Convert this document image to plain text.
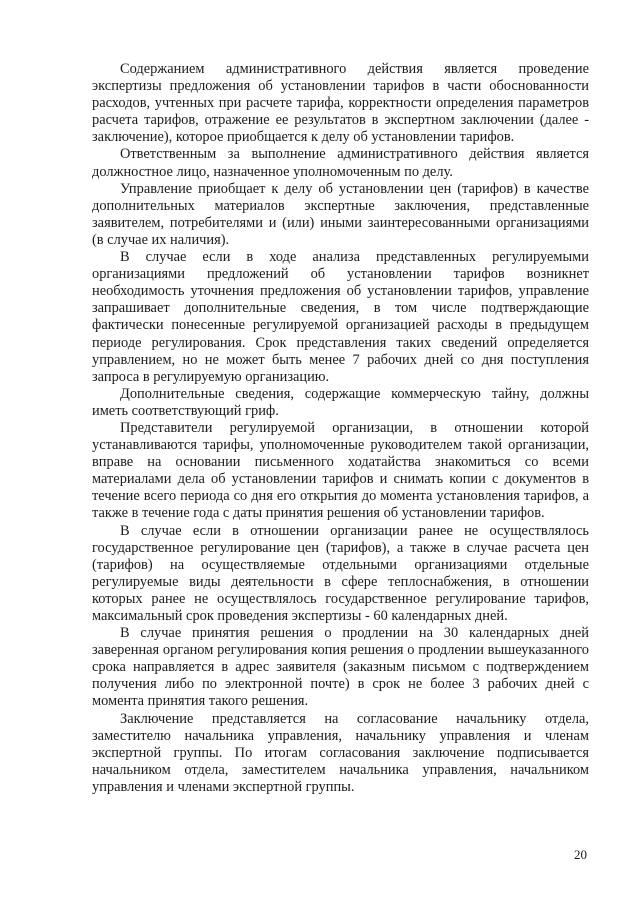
Содержанием административного действия является проведение экспертизы предложения об установлении тарифов в части обоснованности расходов, учтенных при расчете тарифа, корректности определения параметров расчета тарифов, отражение ее результатов в экспертном заключении (далее - заключение), которое приобщается к делу об установлении тарифов.

Ответственным за выполнение административного действия является должностное лицо, назначенное уполномоченным по делу.

Управление приобщает к делу об установлении цен (тарифов) в качестве дополнительных материалов экспертные заключения, представленные заявителем, потребителями и (или) иными заинтересованными организациями (в случае их наличия).

В случае если в ходе анализа представленных регулируемыми организациями предложений об установлении тарифов возникнет необходимость уточнения предложения об установлении тарифов, управление запрашивает дополнительные сведения, в том числе подтверждающие фактически понесенные регулируемой организацией расходы в предыдущем периоде регулирования. Срок представления таких сведений определяется управлением, но не может быть менее 7 рабочих дней со дня поступления запроса в регулируемую организацию.

Дополнительные сведения, содержащие коммерческую тайну, должны иметь соответствующий гриф.

Представители регулируемой организации, в отношении которой устанавливаются тарифы, уполномоченные руководителем такой организации, вправе на основании письменного ходатайства знакомиться со всеми материалами дела об установлении тарифов и снимать копии с документов в течение всего периода со дня его открытия до момента установления тарифов, а также в течение года с даты принятия решения об установлении тарифов.

В случае если в отношении организации ранее не осуществлялось государственное регулирование цен (тарифов), а также в случае расчета цен (тарифов) на осуществляемые отдельными организациями отдельные регулируемые виды деятельности в сфере теплоснабжения, в отношении которых ранее не осуществлялось государственное регулирование тарифов, максимальный срок проведения экспертизы - 60 календарных дней.

В случае принятия решения о продлении на 30 календарных дней заверенная органом регулирования копия решения о продлении вышеуказанного срока направляется в адрес заявителя (заказным письмом с подтверждением получения либо по электронной почте) в срок не более 3 рабочих дней с момента принятия такого решения.

Заключение представляется на согласование начальнику отдела, заместителю начальника управления, начальнику управления и членам экспертной группы. По итогам согласования заключение подписывается начальником отдела, заместителем начальника управления, начальником управления и членами экспертной группы.

20
